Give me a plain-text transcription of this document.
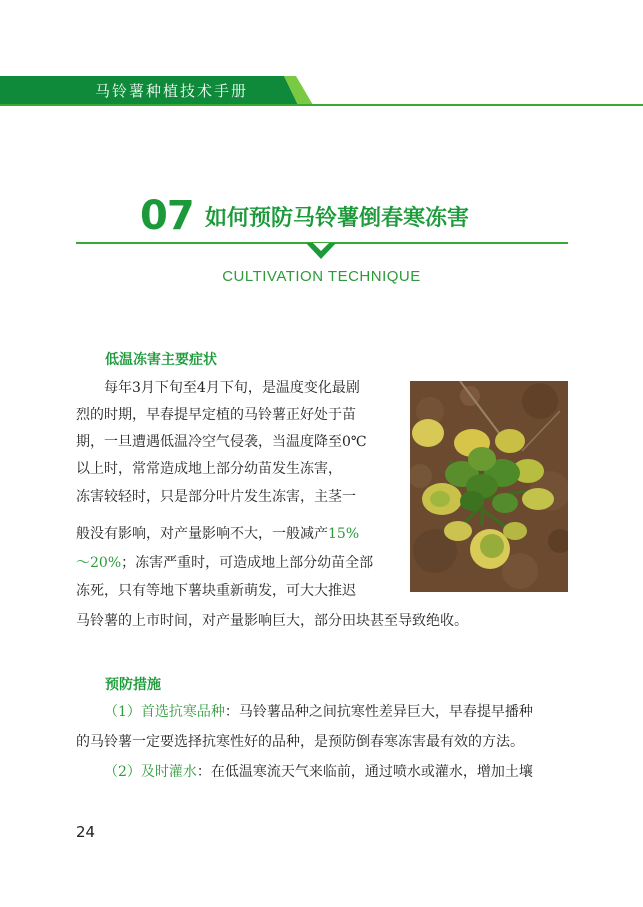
马铃薯种植技术手册
07 如何预防马铃薯倒春寒冻害
CULTIVATION TECHNIQUE
低温冻害主要症状
每年3月下旬至4月下旬，是温度变化最剧
烈的时期，早春提早定植的马铃薯正好处于苗
期，一旦遭遇低温冷空气侵袭，当温度降至0℃
以上时，常常造成地上部分幼苗发生冻害，
冻害较轻时，只是部分叶片发生冻害，主茎一
般没有影响，对产量影响不大，一般减产15%
～20%；冻害严重时，可造成地上部分幼苗全部
冻死，只有等地下薯块重新萌发，可大大推迟
马铃薯的上市时间，对产量影响巨大，部分田块甚至导致绝收。
预防措施
（1）首选抗寒品种：马铃薯品种之间抗寒性差异巨大，早春提早播种
的马铃薯一定要选择抗寒性好的品种，是预防倒春寒冻害最有效的方法。
（2）及时灌水：在低温寒流天气来临前，通过喷水或灌水，增加土壤
24
